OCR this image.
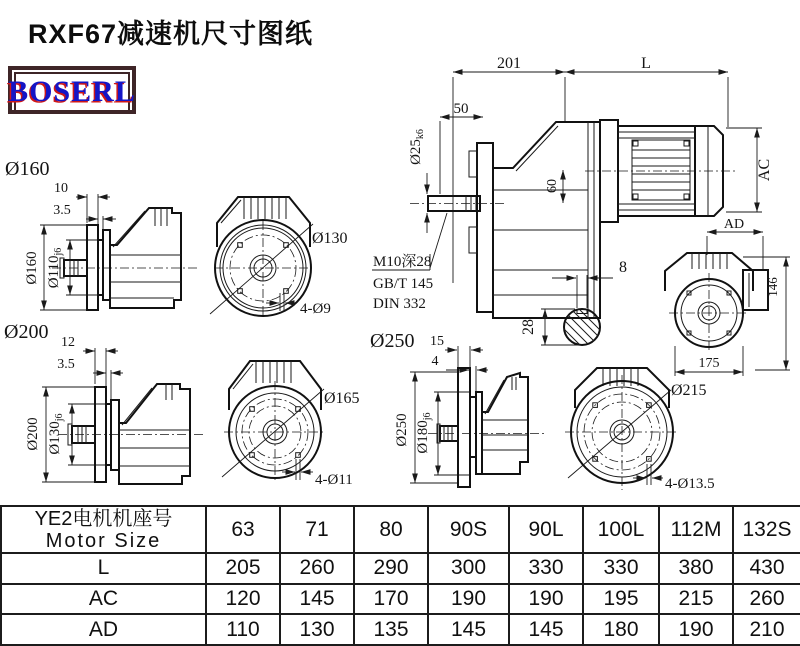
RXF67减速机尺寸图纸
BOSERL
201	L
50
$Ø25_{k6}$
60
AC
M10深28
GB/T 145
DIN 332
Ø160
10
3.5
Ø160 $Ø110_{j6}$
Ø130
4-Ø9
8
28
AD
146
175
Ø200 12
3.5
Ø200 $Ø130_{j6}$
Ø165
4-Ø11
Ø250 15
4
Ø250 $Ø180_{j6}$
Ø215
4-Ø13.5
YE2电机机座号
Motor Size	63	71	80	90S	90L	100L	112M	132S
L	205	260	290	300	330	330	380	430
AC	120	145	170	190	190	195	215	260
AD	110	130	135	145	145	180	190	210
